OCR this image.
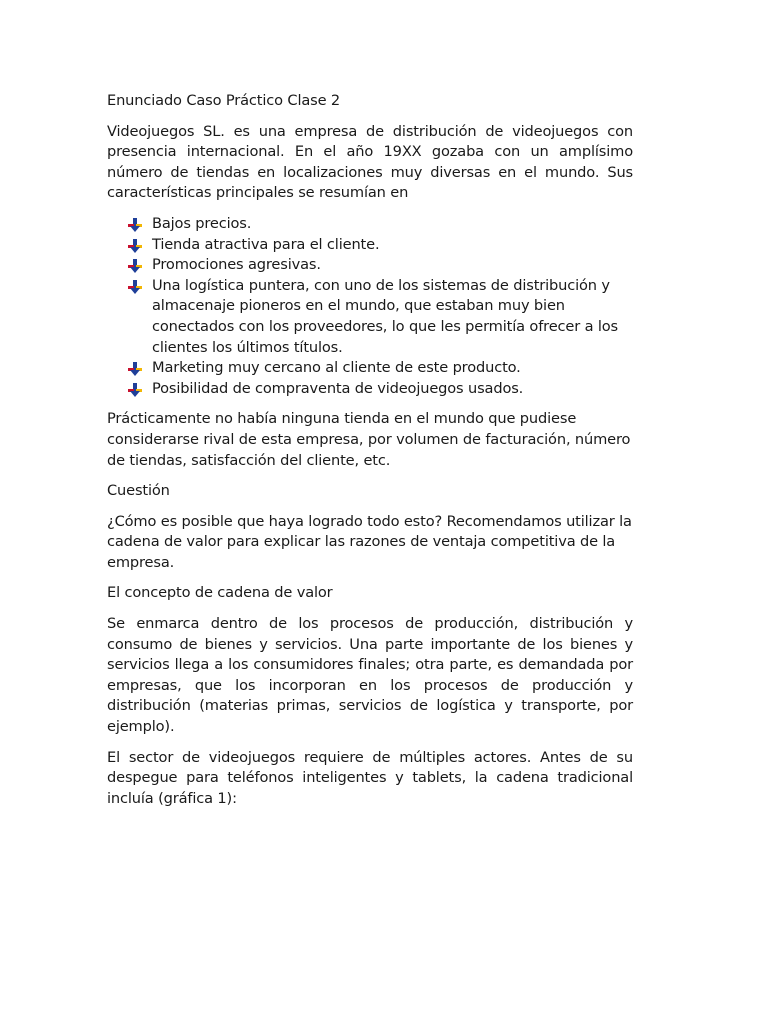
Enunciado Caso Práctico Clase 2

Videojuegos SL. es una empresa de distribución de videojuegos con presencia internacional. En el año 19XX gozaba con un amplísimo número de tiendas en localizaciones muy diversas en el mundo. Sus características principales se resumían en

Bajos precios.
Tienda atractiva para el cliente.
Promociones agresivas.
Una logística puntera, con uno de los sistemas de distribución y almacenaje pioneros en el mundo, que estaban muy bien conectados con los proveedores, lo que les permitía ofrecer a los clientes los últimos títulos.
Marketing muy cercano al cliente de este producto.
Posibilidad de compraventa de videojuegos usados.

Prácticamente no había ninguna tienda en el mundo que pudiese considerarse rival de esta empresa, por volumen de facturación, número de tiendas, satisfacción del cliente, etc.

Cuestión

¿Cómo es posible que haya logrado todo esto? Recomendamos utilizar la cadena de valor para explicar las razones de ventaja competitiva de la empresa.

El concepto de cadena de valor

Se enmarca dentro de los procesos de producción, distribución y consumo de bienes y servicios. Una parte importante de los bienes y servicios llega a los consumidores finales; otra parte, es demandada por empresas, que los incorporan en los procesos de producción y distribución (materias primas, servicios de logística y transporte, por ejemplo).

El sector de videojuegos requiere de múltiples actores. Antes de su despegue para teléfonos inteligentes y tablets, la cadena tradicional incluía (gráfica 1):
